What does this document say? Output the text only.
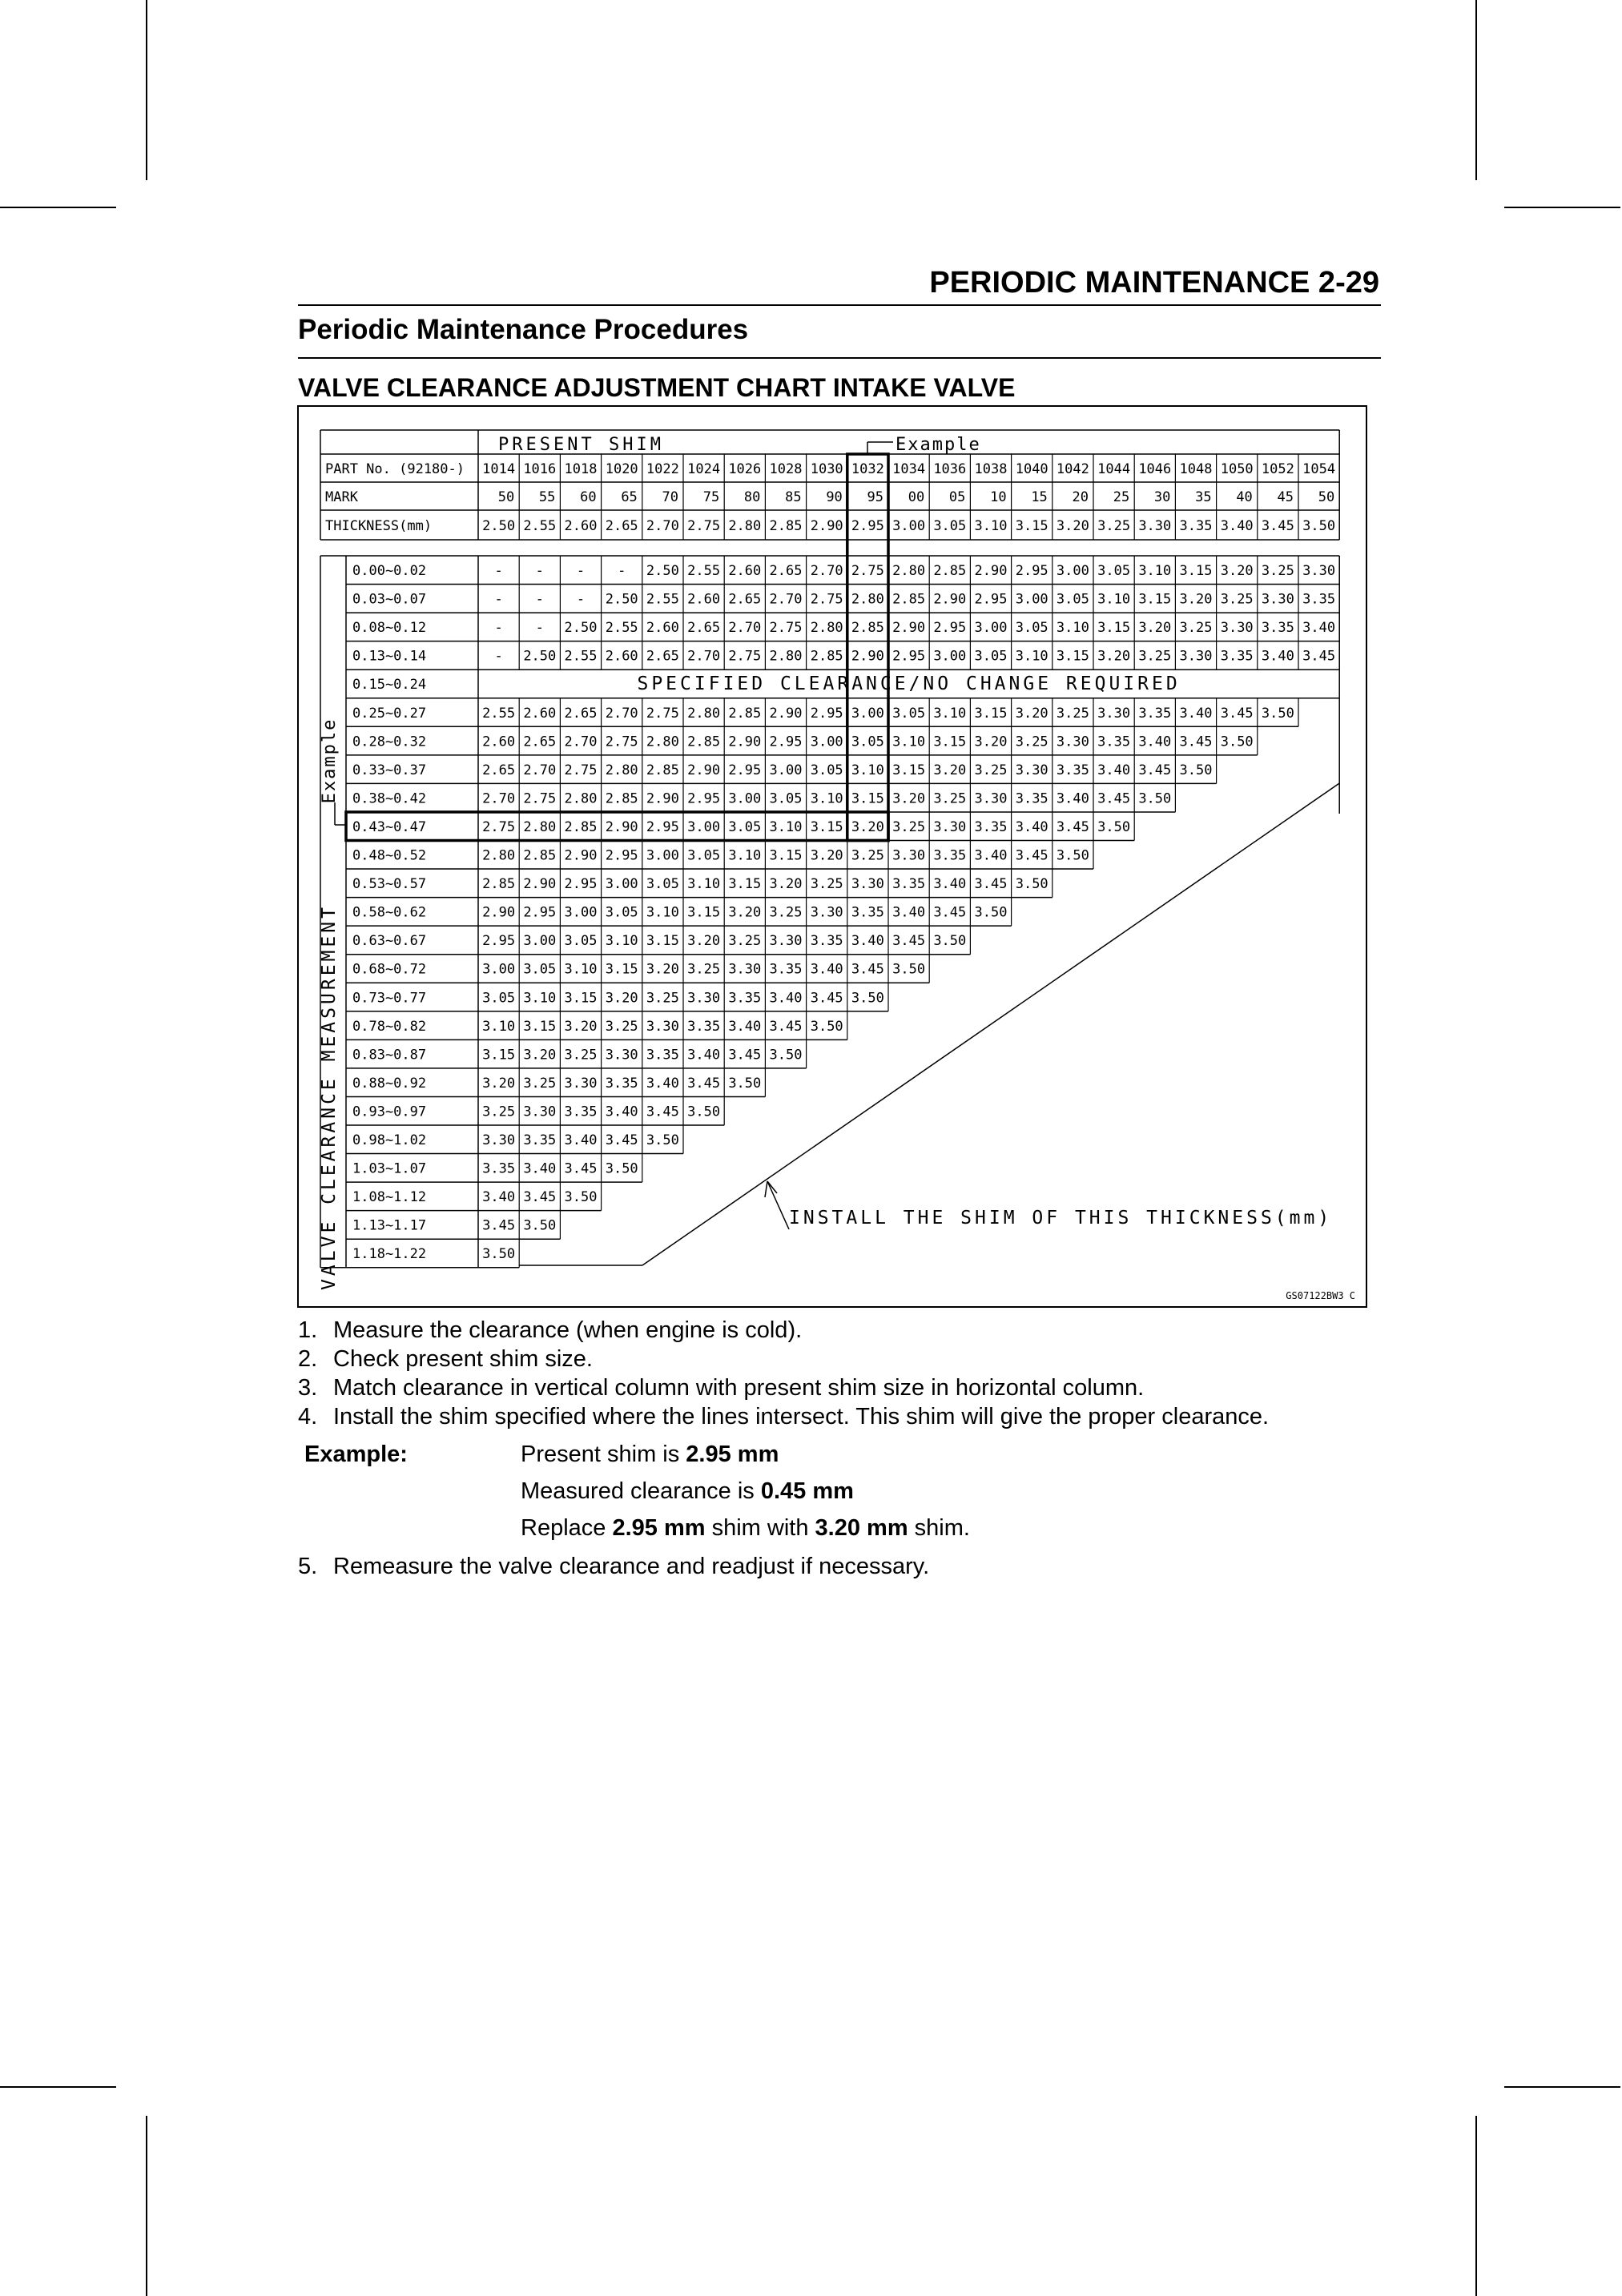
PERIODIC MAINTENANCE 2-29
Periodic Maintenance Procedures
VALVE CLEARANCE ADJUSTMENT CHART INTAKE VALVE
PRESENT SHIM	Example
PART No. (92180-)
MARK
THICKNESS(mm)
1014
50
2.50
1016
55
2.55
1018
60
2.60
1020
65
2.65
1022
70
2.70
1024
75
2.75
1026
80
2.80
1028
85
2.85
1030
90
2.90
1032
95
2.95
1034
00
3.00
1036
05
3.05
1038
10
3.10
1040
15
3.15
1042
20
3.20
1044
25
3.25
1046
30
3.30
1048
35
3.35
1050
40
3.40
1052
45
3.45
1054
50
3.50
0.00~0.02
0.03~0.07
0.08~0.12
0.13~0.14
0.15~0.24
0.25~0.27
0.28~0.32
0.33~0.37
0.38~0.42
0.43~0.47
0.48~0.52
0.53~0.57
0.58~0.62
0.63~0.67
0.68~0.72
0.73~0.77
0.78~0.82
0.83~0.87
0.88~0.92
0.93~0.97
0.98~1.02
1.03~1.07
1.08~1.12
1.13~1.17
1.18~1.22
- - - - 2.50 2.55 2.60 2.65 2.70 2.75 2.80 2.85 2.90 2.95 3.00 3.05 3.10 3.15 3.20 3.25 3.30
- - - 2.50 2.55 2.60 2.65 2.70 2.75 2.80 2.85 2.90 2.95 3.00 3.05 3.10 3.15 3.20 3.25 3.30 3.35
- - 2.50 2.55 2.60 2.65 2.70 2.75 2.80 2.85 2.90 2.95 3.00 3.05 3.10 3.15 3.20 3.25 3.30 3.35 3.40
- 2.50 2.55 2.60 2.65 2.70 2.75 2.80 2.85 2.90 2.95 3.00 3.05 3.10 3.15 3.20 3.25 3.30 3.35 3.40 3.45
2.55 2.60 2.65 2.70 2.75 2.80 2.85 2.90 2.95 3.00 3.05 3.10 3.15 3.20 3.25 3.30 3.35 3.40 3.45 3.50
2.60 2.65 2.70 2.75 2.80 2.85 2.90 2.95 3.00 3.05 3.10 3.15 3.20 3.25 3.30 3.35 3.40 3.45 3.50
2.65 2.70 2.75 2.80 2.85 2.90 2.95 3.00 3.05 3.10 3.15 3.20 3.25 3.30 3.35 3.40 3.45 3.50
2.70 2.75 2.80 2.85 2.90 2.95 3.00 3.05 3.10 3.15 3.20 3.25 3.30 3.35 3.40 3.45 3.50
2.75 2.80 2.85 2.90 2.95 3.00 3.05 3.10 3.15 3.20 3.25 3.30 3.35 3.40 3.45 3.50
2.80 2.85 2.90 2.95 3.00 3.05 3.10 3.15 3.20 3.25 3.30 3.35 3.40 3.45 3.50
2.85 2.90 2.95 3.00 3.05 3.10 3.15 3.20 3.25 3.30 3.35 3.40 3.45 3.50
2.90 2.95 3.00 3.05 3.10 3.15 3.20 3.25 3.30 3.35 3.40 3.45 3.50
2.95 3.00 3.05 3.10 3.15 3.20 3.25 3.30 3.35 3.40 3.45 3.50
3.00 3.05 3.10 3.15 3.20 3.25 3.30 3.35 3.40 3.45 3.50
3.05 3.10 3.15 3.20 3.25 3.30 3.35 3.40 3.45 3.50
3.10 3.15 3.20 3.25 3.30 3.35 3.40 3.45 3.50
3.15 3.20 3.25 3.30 3.35 3.40 3.45 3.50
3.20 3.25 3.30 3.35 3.40 3.45 3.50
3.25 3.30 3.35 3.40 3.45 3.50
3.30 3.35 3.40 3.45 3.50
3.35 3.40 3.45 3.50
3.40 3.45 3.50
3.45 3.50
3.50
SPECIFIED CLEARANCE/NO CHANGE REQUIRED
VALVE CLEARANCE MEASUREMENT
Example
INSTALL THE SHIM OF THIS THICKNESS(mm)
GS07122BW3 C
1. Measure the clearance (when engine is cold).
2. Check present shim size.
3. Match clearance in vertical column with present shim size in horizontal column.
4. Install the shim specified where the lines intersect. This shim will give the proper clearance.
Example:	Present shim is 2.95 mm
Measured clearance is 0.45 mm
Replace 2.95 mm shim with 3.20 mm shim.
5. Remeasure the valve clearance and readjust if necessary.
